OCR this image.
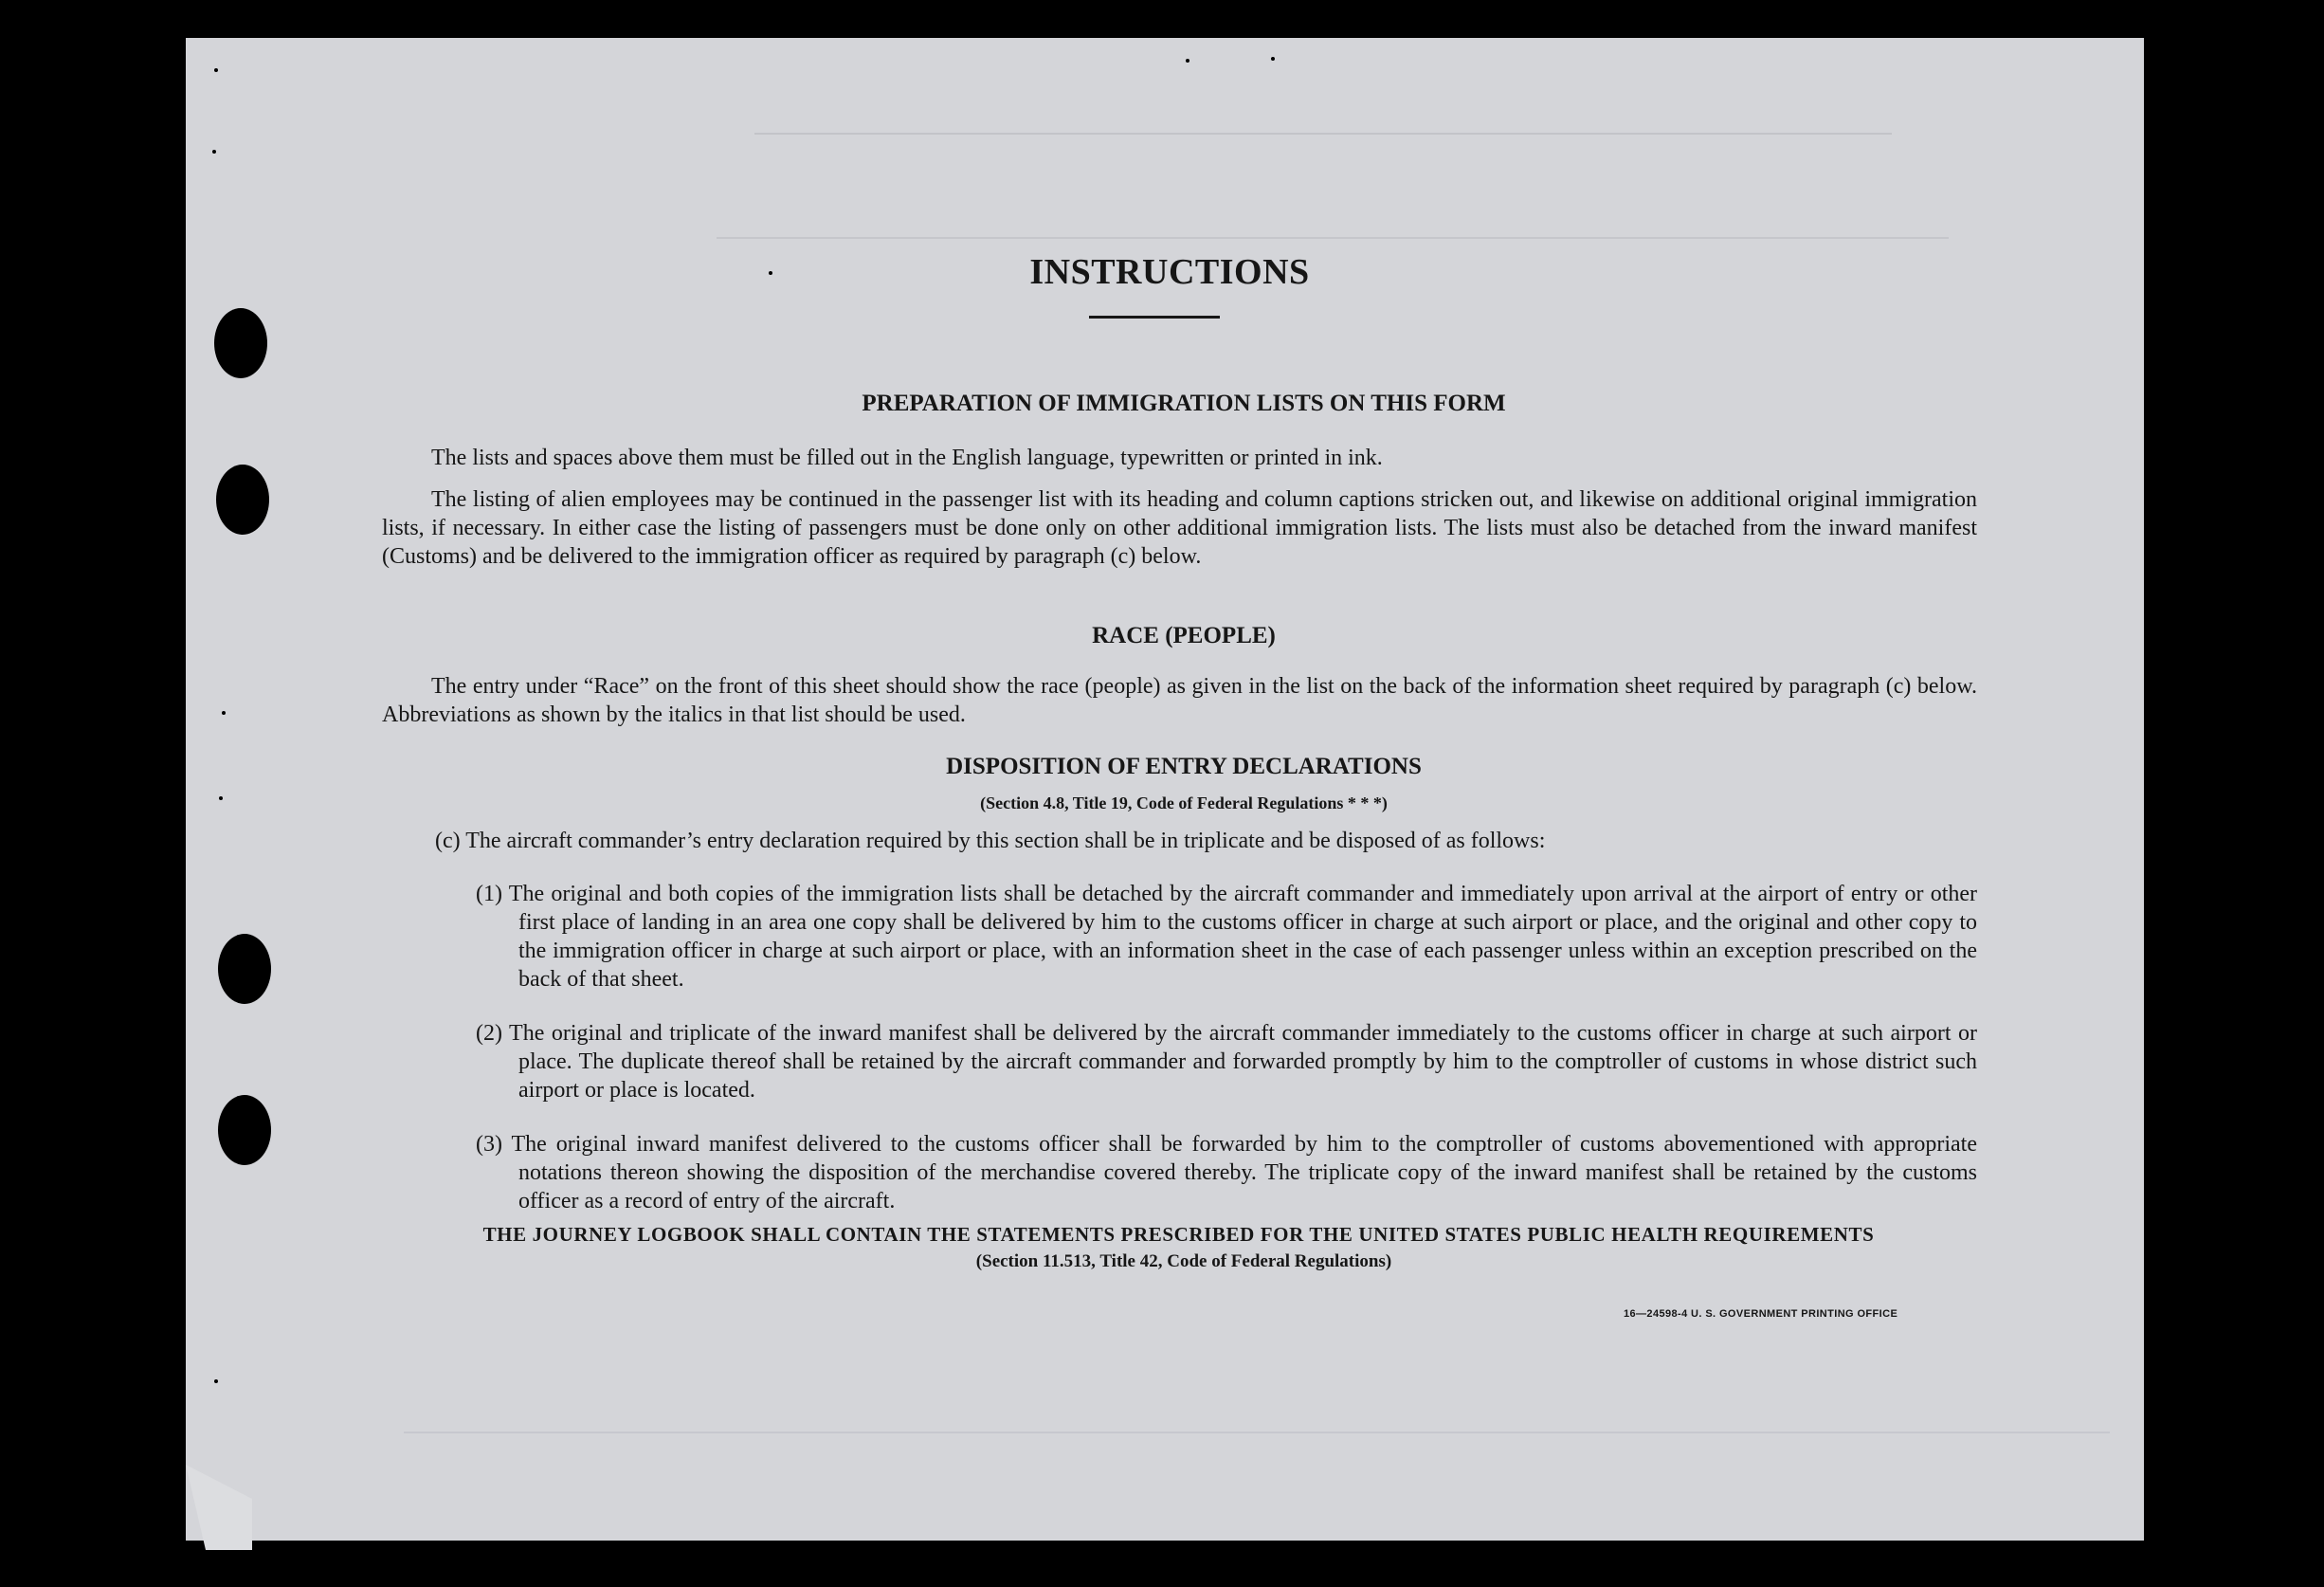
INSTRUCTIONS
PREPARATION OF IMMIGRATION LISTS ON THIS FORM

The lists and spaces above them must be filled out in the English language, typewritten or printed in ink.

The listing of alien employees may be continued in the passenger list with its heading and column captions stricken out, and likewise on additional original immigration lists, if necessary. In either case the listing of passengers must be done only on other additional immigration lists. The lists must also be detached from the inward manifest (Customs) and be delivered to the immigration officer as required by paragraph (c) below.

RACE (PEOPLE)

The entry under “Race” on the front of this sheet should show the race (people) as given in the list on the back of the information sheet required by paragraph (c) below. Abbreviations as shown by the italics in that list should be used.

DISPOSITION OF ENTRY DECLARATIONS
(Section 4.8, Title 19, Code of Federal Regulations * * *)

(c) The aircraft commander’s entry declaration required by this section shall be in triplicate and be disposed of as follows:

(1) The original and both copies of the immigration lists shall be detached by the aircraft commander and immediately upon arrival at the airport of entry or other first place of landing in an area one copy shall be delivered by him to the customs officer in charge at such airport or place, and the original and other copy to the immigration officer in charge at such airport or place, with an information sheet in the case of each passenger unless within an exception prescribed on the back of that sheet.

(2) The original and triplicate of the inward manifest shall be delivered by the aircraft commander immediately to the customs officer in charge at such airport or place. The duplicate thereof shall be retained by the aircraft commander and forwarded promptly by him to the comptroller of customs in whose district such airport or place is located.

(3) The original inward manifest delivered to the customs officer shall be forwarded by him to the comptroller of customs abovementioned with appropriate notations thereon showing the disposition of the merchandise covered thereby. The triplicate copy of the inward manifest shall be retained by the customs officer as a record of entry of the aircraft.

THE JOURNEY LOGBOOK SHALL CONTAIN THE STATEMENTS PRESCRIBED FOR THE UNITED STATES PUBLIC HEALTH REQUIREMENTS
(Section 11.513, Title 42, Code of Federal Regulations)
16—24598-4 U. S. GOVERNMENT PRINTING OFFICE
